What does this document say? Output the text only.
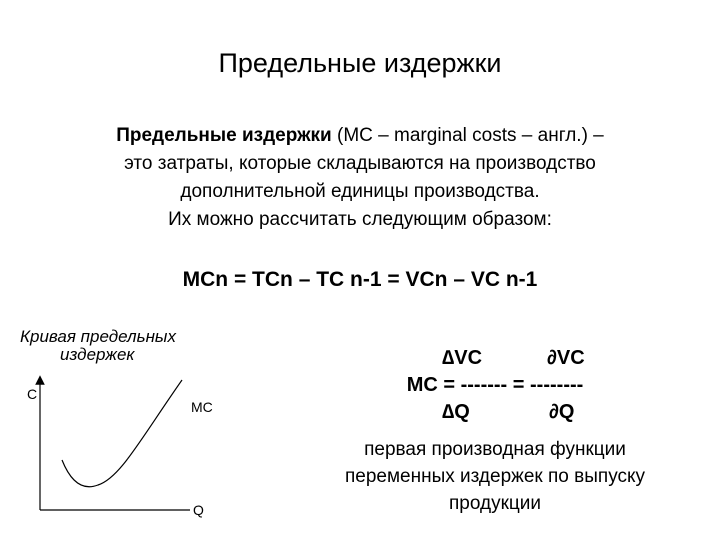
Предельные издержки
Предельные издержки (МС – marginal costs – англ.) –
это затраты, которые складываются на производство
дополнительной единицы производства.
Их можно рассчитать следующим образом:
MCn = TCn – TC n-1 = VCn – VC n-1
Кривая предельных
издержек
C
Q
MC
∆VC	∂VC
MC = ------- = --------
∆Q	∂Q
первая производная функции
переменных издержек по выпуску
продукции
